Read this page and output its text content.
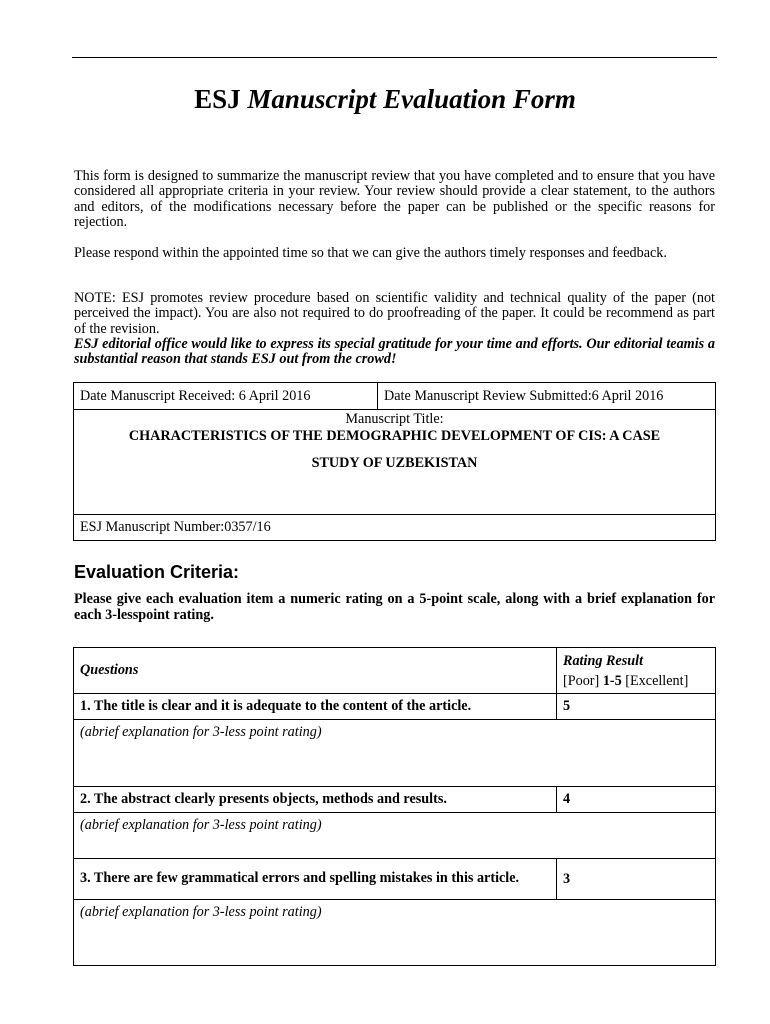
ESJ Manuscript Evaluation Form

This form is designed to summarize the manuscript review that you have completed and to ensure that you have considered all appropriate criteria in your review. Your review should provide a clear statement, to the authors and editors, of the modifications necessary before the paper can be published or the specific reasons for rejection.

Please respond within the appointed time so that we can give the authors timely responses and feedback.

NOTE: ESJ promotes review procedure based on scientific validity and technical quality of the paper (not perceived the impact). You are also not required to do proofreading of the paper. It could be recommend as part of the revision.

ESJ editorial office would like to express its special gratitude for your time and efforts. Our editorial teamis a substantial reason that stands ESJ out from the crowd!

Date Manuscript Received: 6 April 2016	Date Manuscript Review Submitted:6 April 2016

Manuscript Title:
CHARACTERISTICS OF THE DEMOGRAPHIC DEVELOPMENT OF CIS: A CASE
STUDY OF UZBEKISTAN

ESJ Manuscript Number:0357/16
Evaluation Criteria:

Please give each evaluation item a numeric rating on a 5-point scale, along with a brief explanation for each 3-lesspoint rating.

Questions	Rating Result
[Poor] 1-5 [Excellent]

1. The title is clear and it is adequate to the content of the article.	5
(abrief explanation for 3-less point rating)	
2. The abstract clearly presents objects, methods and results.	4
(abrief explanation for 3-less point rating)	
3. There are few grammatical errors and spelling mistakes in this article.	3
(abrief explanation for 3-less point rating)	
